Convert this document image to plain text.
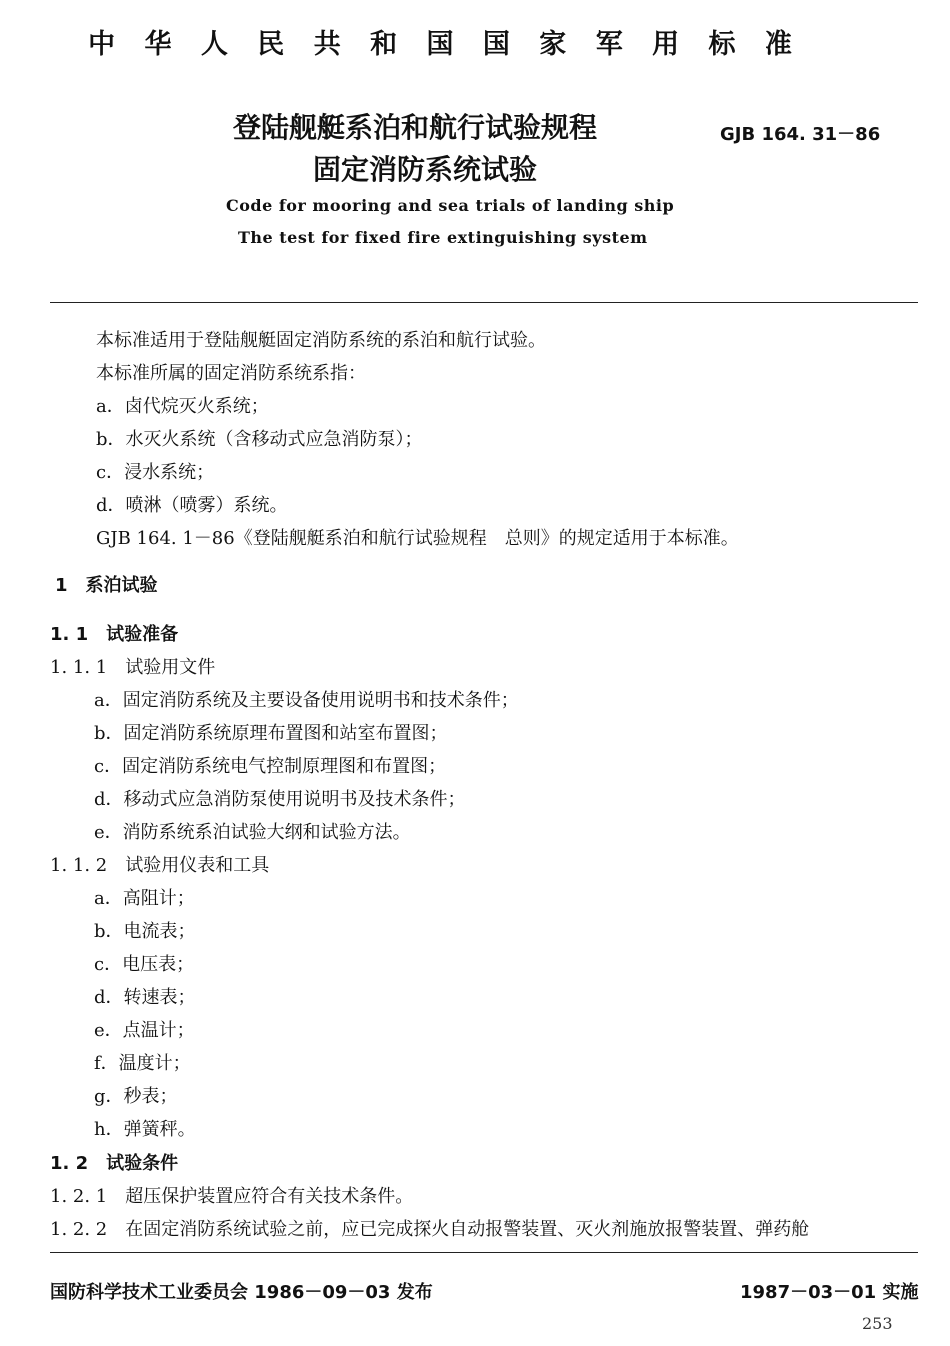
中 华 人 民 共 和 国 国 家 军 用 标 准
登陆舰艇系泊和航行试验规程
固定消防系统试验
GJB 164. 31－86
Code for mooring and sea trials of landing ship
The test for fixed fire extinguishing system
本标准适用于登陆舰艇固定消防系统的系泊和航行试验。
本标准所属的固定消防系统系指：
a．卤代烷灭火系统；
b．水灭火系统（含移动式应急消防泵）；
c．浸水系统；
d．喷淋（喷雾）系统。
GJB 164. 1－86《登陆舰艇系泊和航行试验规程　总则》的规定适用于本标准。
1　系泊试验
1. 1　试验准备
1. 1. 1　试验用文件
a．固定消防系统及主要设备使用说明书和技术条件；
b．固定消防系统原理布置图和站室布置图；
c．固定消防系统电气控制原理图和布置图；
d．移动式应急消防泵使用说明书及技术条件；
e．消防系统系泊试验大纲和试验方法。
1. 1. 2　试验用仪表和工具
a．高阻计；
b．电流表；
c．电压表；
d．转速表；
e．点温计；
f．温度计；
g．秒表；
h．弹簧秤。
1. 2　试验条件
1. 2. 1　超压保护装置应符合有关技术条件。
1. 2. 2　在固定消防系统试验之前，应已完成探火自动报警装置、灭火剂施放报警装置、弹药舱
国防科学技术工业委员会 1986－09－03 发布	1987－03－01 实施
253
